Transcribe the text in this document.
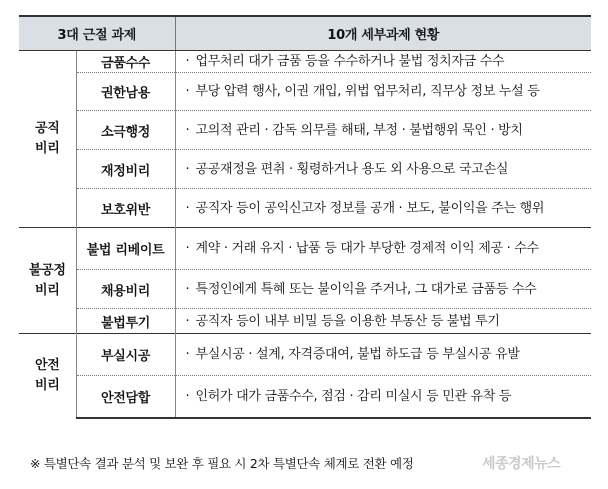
3대 근절 과제		10개 세부과제 현황

공직
비리	금품수수	· 업무처리 대가 금품 등을 수수하거나 불법 정치자금 수수

	권한남용	· 부당 압력 행사, 이권 개입, 위법 업무처리, 직무상 정보 누설 등

	소극행정	· 고의적 관리 · 감독 의무를 해태, 부정 · 불법행위 묵인 · 방치

	재정비리	· 공공재정을 편취 · 횡령하거나 용도 외 사용으로 국고손실

	보호위반	· 공직자 등이 공익신고자 정보를 공개 · 보도, 불이익을 주는 행위

불공정
비리	불법 리베이트	· 계약 · 거래 유지 · 납품 등 대가 부당한 경제적 이익 제공 · 수수

	채용비리	· 특정인에게 특혜 또는 불이익을 주거나, 그 대가로 금품등 수수

	불법투기	· 공직자 등이 내부 비밀 등을 이용한 부동산 등 불법 투기

안전
비리	부실시공	· 부실시공 · 설계, 자격증대여, 불법 하도급 등 부실시공 유발

	안전담합	· 인허가 대가 금품수수, 점검 · 감리 미실시 등 민관 유착 등
※ 특별단속 결과 분석 및 보완 후 필요 시 2차 특별단속 체계로 전환 예정	세종경제뉴스
